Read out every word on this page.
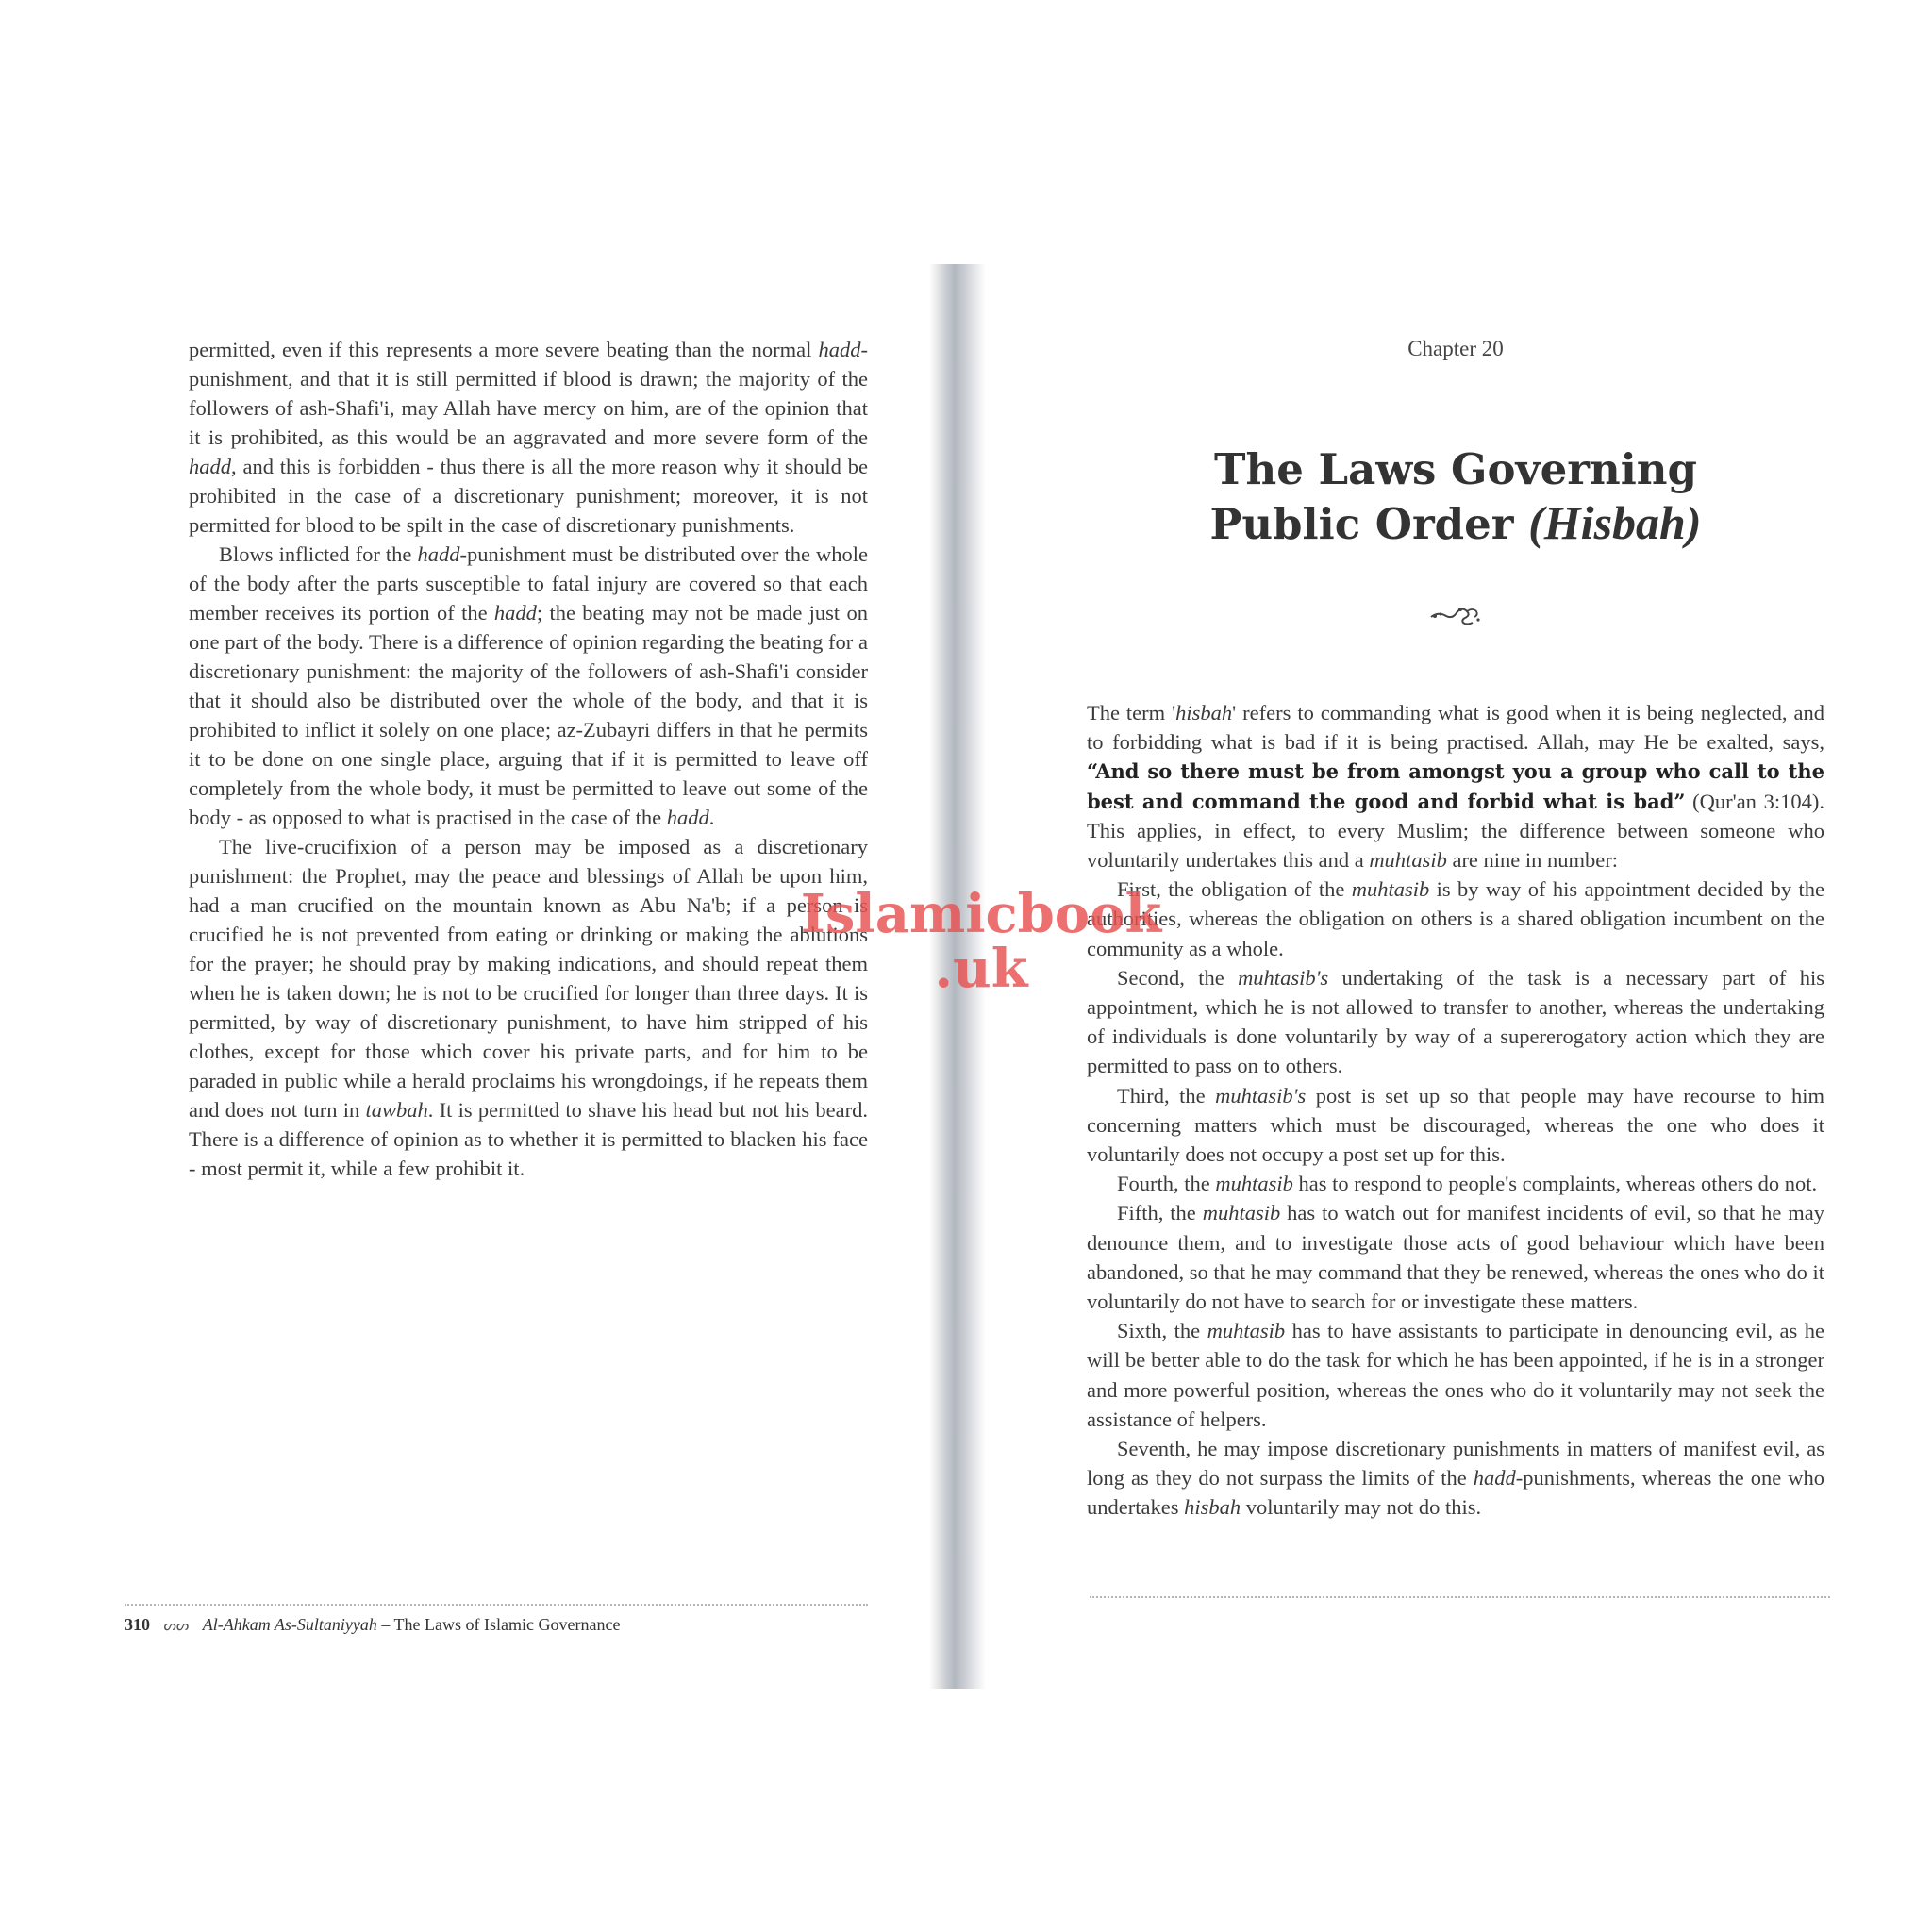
permitted, even if this represents a more severe beating than the normal hadd-punishment, and that it is still permitted if blood is drawn; the majority of the followers of ash-Shafi'i, may Allah have mercy on him, are of the opinion that it is prohibited, as this would be an aggravated and more severe form of the hadd, and this is forbidden - thus there is all the more reason why it should be prohibited in the case of a discretionary punishment; moreover, it is not permitted for blood to be spilt in the case of discretionary punishments.

Blows inflicted for the hadd-punishment must be distributed over the whole of the body after the parts susceptible to fatal injury are covered so that each member receives its portion of the hadd; the beating may not be made just on one part of the body. There is a difference of opinion regarding the beating for a discretionary punishment: the majority of the followers of ash-Shafi'i consider that it should also be distributed over the whole of the body, and that it is prohibited to inflict it solely on one place; az-Zubayri differs in that he permits it to be done on one single place, arguing that if it is permitted to leave off completely from the whole body, it must be permitted to leave out some of the body - as opposed to what is practised in the case of the hadd.

The live-crucifixion of a person may be imposed as a discretionary punishment: the Prophet, may the peace and blessings of Allah be upon him, had a man crucified on the mountain known as Abu Na'b; if a person is crucified he is not prevented from eating or drinking or making the ablutions for the prayer; he should pray by making indications, and should repeat them when he is taken down; he is not to be crucified for longer than three days. It is permitted, by way of discretionary punishment, to have him stripped of his clothes, except for those which cover his private parts, and for him to be paraded in public while a herald proclaims his wrongdoings, if he repeats them and does not turn in tawbah. It is permitted to shave his head but not his beard. There is a difference of opinion as to whether it is permitted to blacken his face - most permit it, while a few prohibit it.

310 ᔕᔕ Al-Ahkam As-Sultaniyyah – The Laws of Islamic Governance
Chapter 20
The Laws Governing
Public Order (Hisbah)

The term 'hisbah' refers to commanding what is good when it is being neglected, and to forbidding what is bad if it is being practised. Allah, may He be exalted, says, “And so there must be from amongst you a group who call to the best and command the good and forbid what is bad” (Qur'an 3:104). This applies, in effect, to every Muslim; the difference between someone who voluntarily undertakes this and a muhtasib are nine in number:

First, the obligation of the muhtasib is by way of his appointment decided by the authorities, whereas the obligation on others is a shared obligation incumbent on the community as a whole.

Second, the muhtasib's undertaking of the task is a necessary part of his appointment, which he is not allowed to transfer to another, whereas the undertaking of individuals is done voluntarily by way of a supererogatory action which they are permitted to pass on to others.

Third, the muhtasib's post is set up so that people may have recourse to him concerning matters which must be discouraged, whereas the one who does it voluntarily does not occupy a post set up for this.

Fourth, the muhtasib has to respond to people's complaints, whereas others do not.

Fifth, the muhtasib has to watch out for manifest incidents of evil, so that he may denounce them, and to investigate those acts of good behaviour which have been abandoned, so that he may command that they be renewed, whereas the ones who do it voluntarily do not have to search for or investigate these matters.

Sixth, the muhtasib has to have assistants to participate in denouncing evil, as he will be better able to do the task for which he has been appointed, if he is in a stronger and more powerful position, whereas the ones who do it voluntarily may not seek the assistance of helpers.

Seventh, he may impose discretionary punishments in matters of manifest evil, as long as they do not surpass the limits of the hadd-punishments, whereas the one who undertakes hisbah voluntarily may not do this.

Islamicbook
.uk
